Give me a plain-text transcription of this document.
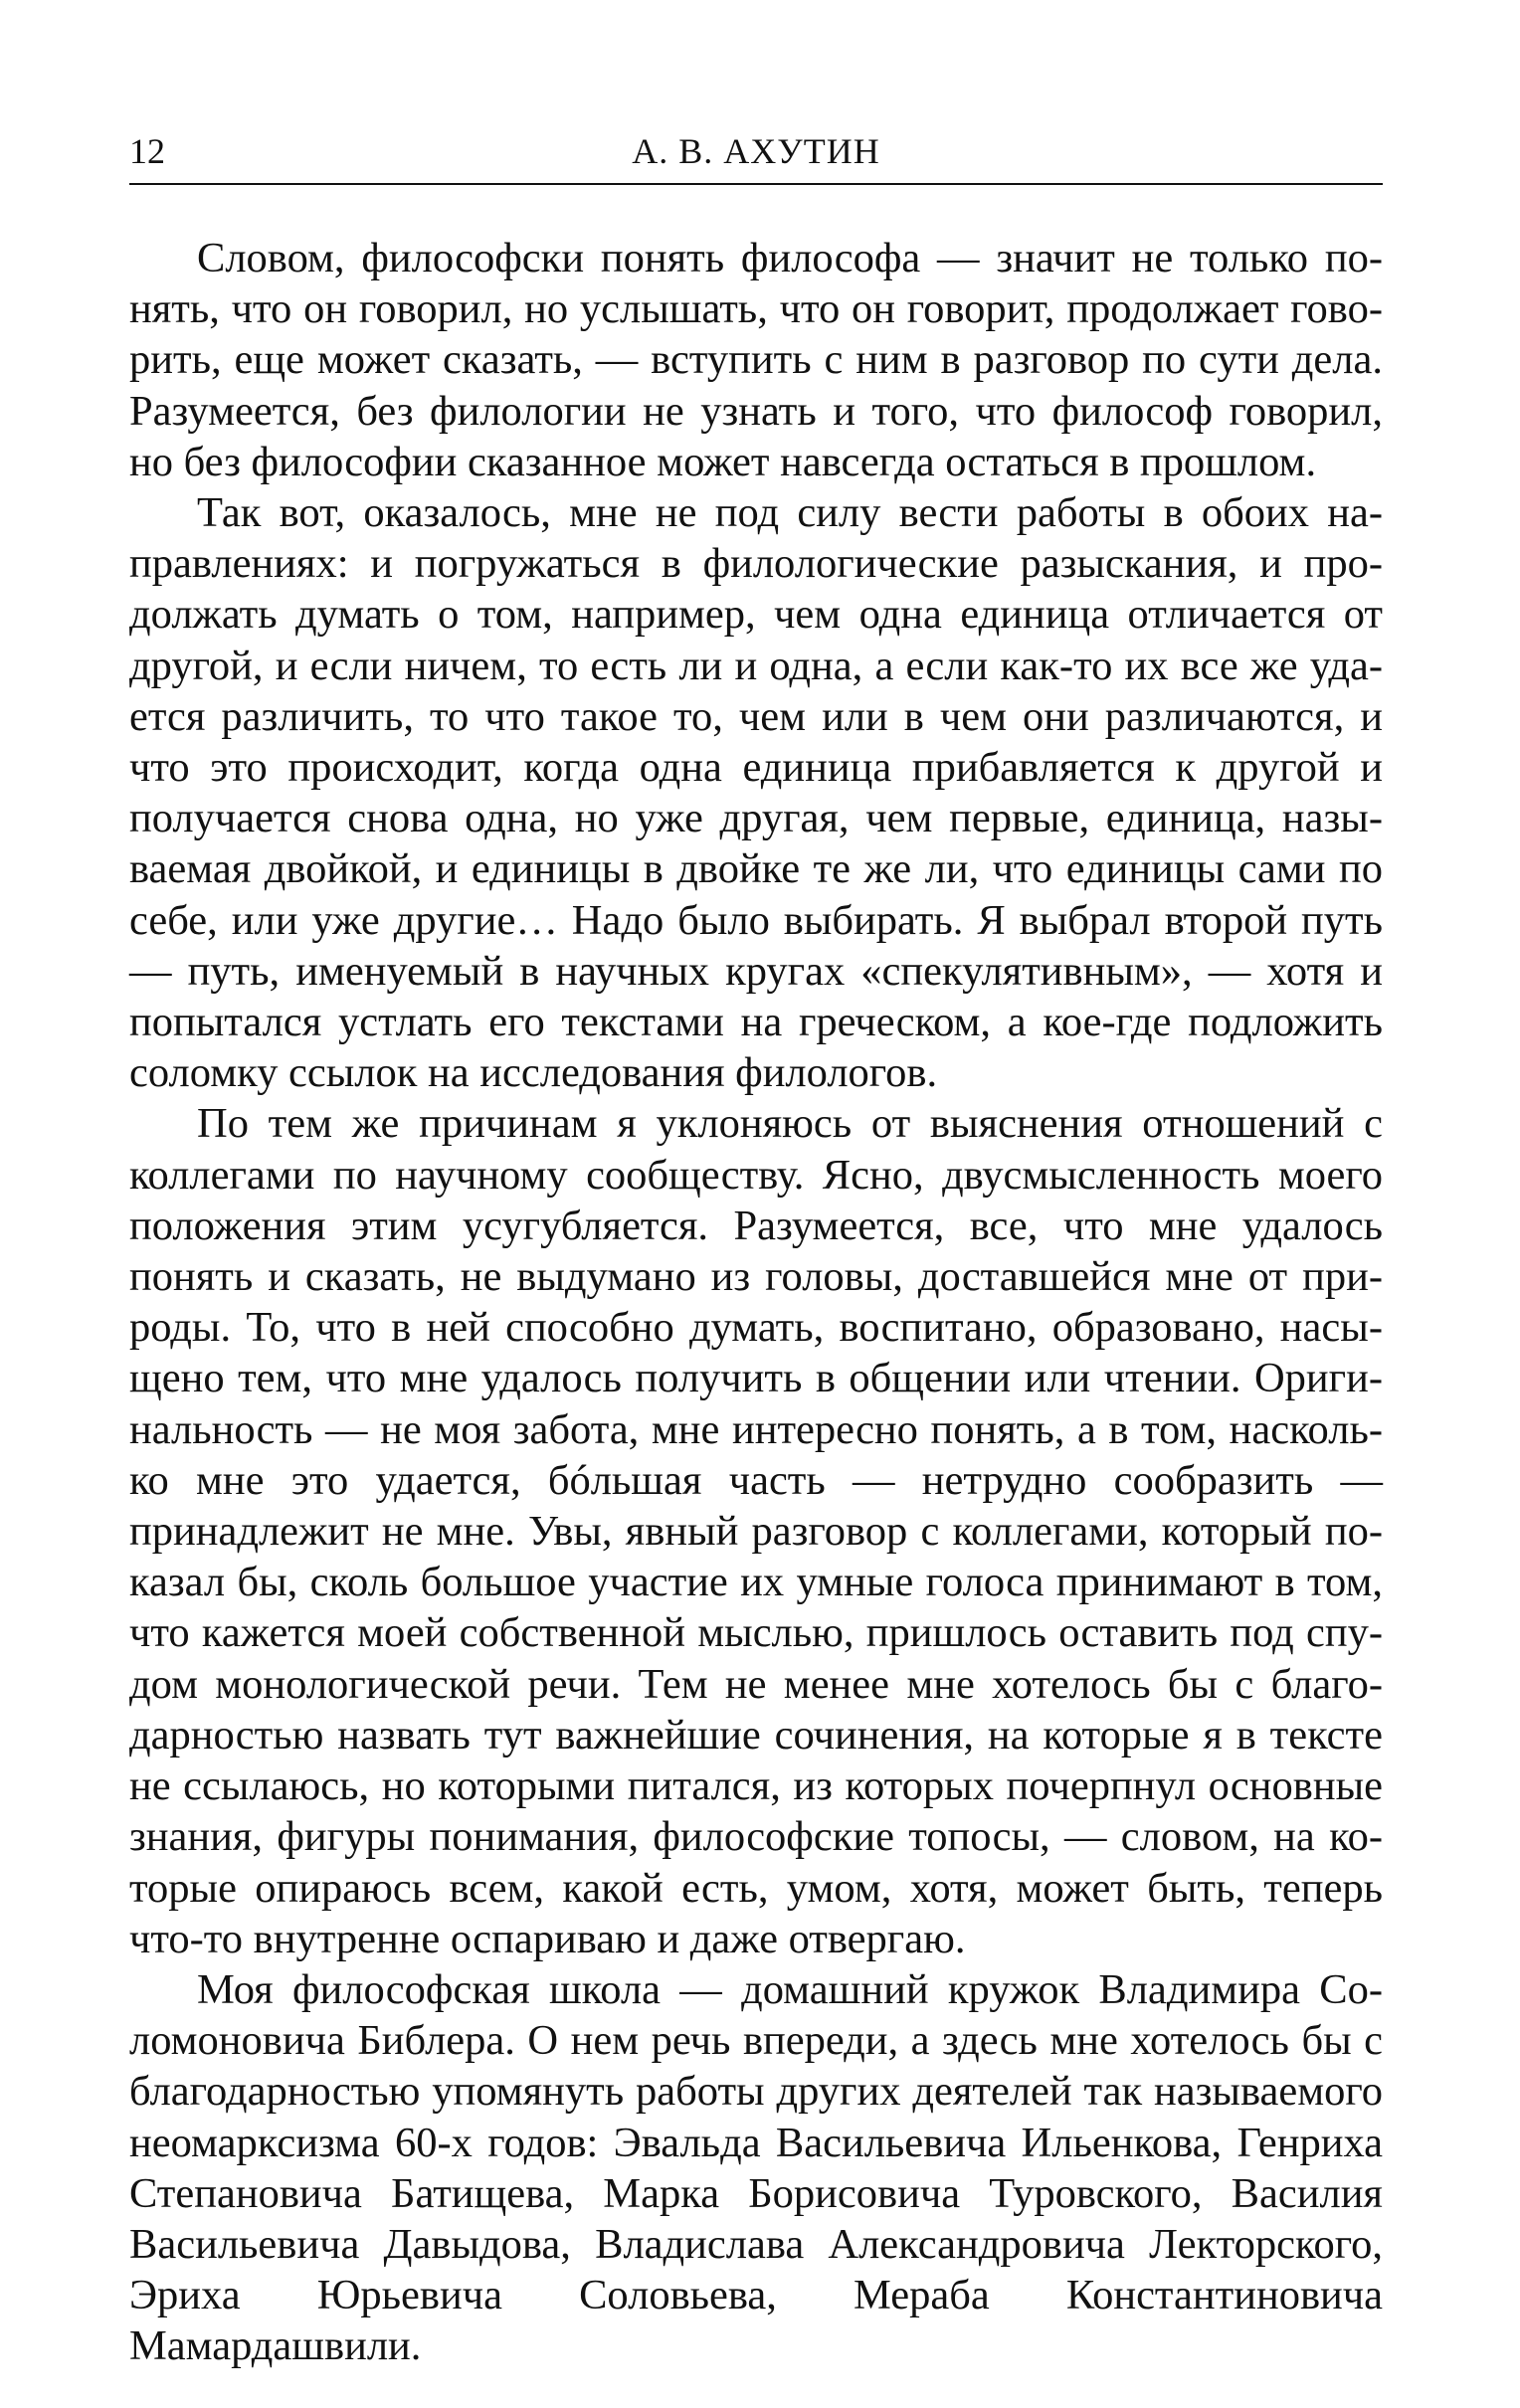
12	А. В. АХУТИН

Словом, философски понять философа — значит не только понять, что он говорил, но услышать, что он говорит, продолжает говорить, еще может сказать, — вступить с ним в разговор по сути дела. Разумеется, без филологии не узнать и того, что философ говорил, но без философии сказанное может навсегда остаться в прошлом.

Так вот, оказалось, мне не под силу вести работы в обоих направлениях: и погружаться в филологические разыскания, и продолжать думать о том, например, чем одна единица отличается от другой, и если ничем, то есть ли и одна, а если как-то их все же удается различить, то что такое то, чем или в чем они различаются, и что это происходит, когда одна единица прибавляется к другой и получается снова одна, но уже другая, чем первые, единица, называемая двойкой, и единицы в двойке те же ли, что единицы сами по себе, или уже другие… Надо было выбирать. Я выбрал второй путь — путь, именуемый в научных кругах «спекулятивным», — хотя и попытался устлать его текстами на греческом, а кое-где подложить соломку ссылок на исследования филологов.

По тем же причинам я уклоняюсь от выяснения отношений с коллегами по научному сообществу. Ясно, двусмысленность моего положения этим усугубляется. Разумеется, все, что мне удалось понять и сказать, не выдумано из головы, доставшейся мне от природы. То, что в ней способно думать, воспитано, образовано, насыщено тем, что мне удалось получить в общении или чтении. Оригинальность — не моя забота, мне интересно понять, а в том, насколько мне это удается, бóльшая часть — нетрудно сообразить — принадлежит не мне. Увы, явный разговор с коллегами, который показал бы, сколь большое участие их умные голоса принимают в том, что кажется моей собственной мыслью, пришлось оставить под спудом монологической речи. Тем не менее мне хотелось бы с благодарностью назвать тут важнейшие сочинения, на которые я в тексте не ссылаюсь, но которыми питался, из которых почерпнул основные знания, фигуры понимания, философские топосы, — словом, на которые опираюсь всем, какой есть, умом, хотя, может быть, теперь что-то внутренне оспариваю и даже отвергаю.

Моя философская школа — домашний кружок Владимира Соломоновича Библера. О нем речь впереди, а здесь мне хотелось бы с благодарностью упомянуть работы других деятелей так называемого неомарксизма 60-х годов: Эвальда Васильевича Ильенкова, Генриха Степановича Батищева, Марка Борисовича Туровского, Василия Васильевича Давыдова, Владислава Александровича Лекторского, Эриха Юрьевича Соловьева, Мераба Константиновича Мамардашвили.
